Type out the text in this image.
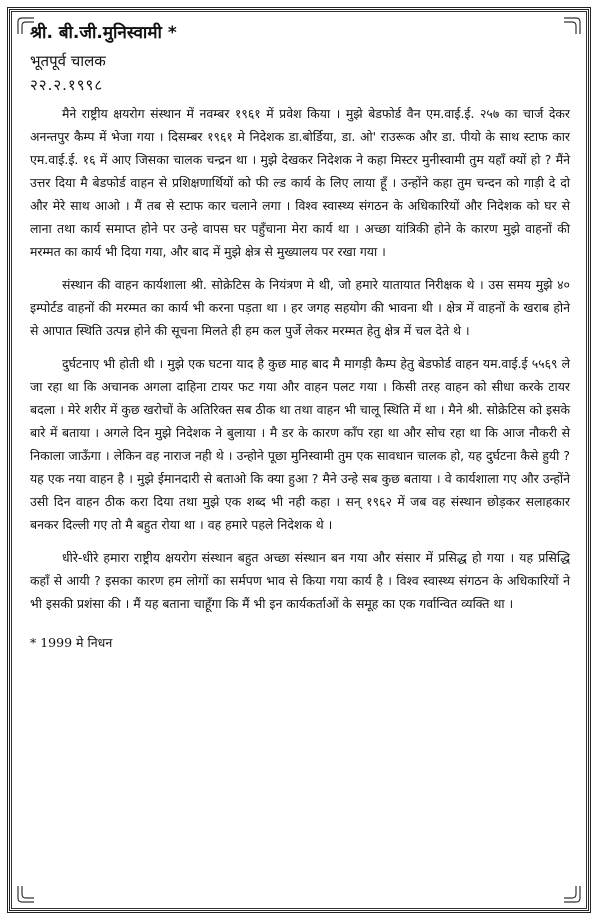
श्री. बी.जी.मुनिस्वामी *

भूतपूर्व चालक

२२.२.१९९८

मैने राष्ट्रीय क्षयरोग संस्थान में नवम्बर १९६१ में प्रवेश किया । मुझे बेडफोर्ड वैन एम.वाई.ई. २५७ का चार्ज देकर अनन्तपुर कैम्प में भेजा गया । दिसम्बर १९६१ मे निदेशक डा.बोर्डिया, डा. ओ' राउरूक और डा. पीयो के साथ स्टाफ कार एम.वाई.ई. १६ में आए जिसका चालक चन्द्रन था । मुझे देखकर निदेशक ने कहा मिस्टर मुनीस्वामी तुम यहाँ क्यों हो ? मैंने उत्तर दिया मै बेडफोर्ड वाहन से प्रशिक्षणार्थियों को फी ल्ड कार्य के लिए लाया हूँ । उन्होंने कहा तुम चन्दन को गाड़ी दे दो और मेरे साथ आओ । मैं तब से स्टाफ कार चलाने लगा । विश्व स्वास्थ्य संगठन के अधिकारियों और निदेशक को घर से लाना तथा कार्य समाप्त होने पर उन्हे वापस घर पहुँचाना मेरा कार्य था । अच्छा यांत्रिकी होने के कारण मुझे वाहनों की मरम्मत का कार्य भी दिया गया, और बाद में मुझे क्षेत्र से मुख्यालय पर रखा गया ।

संस्थान की वाहन कार्यशाला श्री. सोक्रेटिस के नियंत्रण मे थी, जो हमारे यातायात निरीक्षक थे । उस समय मुझे ४० इम्पोर्टड वाहनों की मरम्मत का कार्य भी करना पड़ता था । हर जगह सहयोग की भावना थी । क्षेत्र में वाहनों के खराब होने से आपात स्थिति उत्पन्न होने की सूचना मिलते ही हम कल पुर्जे लेकर मरम्मत हेतु क्षेत्र में चल देते थे ।

दुर्घटनाए भी होती थी । मुझे एक घटना याद है कुछ माह बाद मै मागड़ी कैम्प हेतु बेडफोर्ड वाहन यम.वाई.ई ५५६९ ले जा रहा था कि अचानक अगला दाहिना टायर फट गया और वाहन पलट गया । किसी तरह वाहन को सीधा करके टायर बदला । मेरे शरीर में कुछ खरोचों के अतिरिक्त सब ठीक था तथा वाहन भी चालू स्थिति में था । मैने श्री. सोक्रेटिस को इसके बारे में बताया । अगले दिन मुझे निदेशक ने बुलाया । मै डर के कारण काँप रहा था और सोच रहा था कि आज नौकरी से निकाला जाऊँगा । लेकिन वह नाराज नही थे । उन्होने पूछा मुनिस्वामी तुम एक सावधान चालक हो, यह दुर्घटना कैसे हुयी ? यह एक नया वाहन है । मुझे ईमानदारी से बताओ कि क्या हुआ ? मैने उन्हे सब कुछ बताया । वे कार्यशाला गए और उन्होंने उसी दिन वाहन ठीक करा दिया तथा मुझे एक शब्द भी नही कहा । सन् १९६२ में जब वह संस्थान छोड़कर सलाहकार बनकर दिल्ली गए तो मै बहुत रोया था । वह हमारे पहले निदेशक थे ।

धीरे-धीरे हमारा राष्ट्रीय क्षयरोग संस्थान बहुत अच्छा संस्थान बन गया और संसार में प्रसिद्ध हो गया । यह प्रसिद्धि कहाँ से आयी ? इसका कारण हम लोगों का सर्मपण भाव से किया गया कार्य है । विश्व स्वास्थ्य संगठन के अधिकारियों ने भी इसकी प्रशंसा की । मैं यह बताना चाहूँगा कि मैं भी इन कार्यकर्ताओं के समूह का एक गर्वान्वित व्यक्ति था ।

* 1999 मे निधन
